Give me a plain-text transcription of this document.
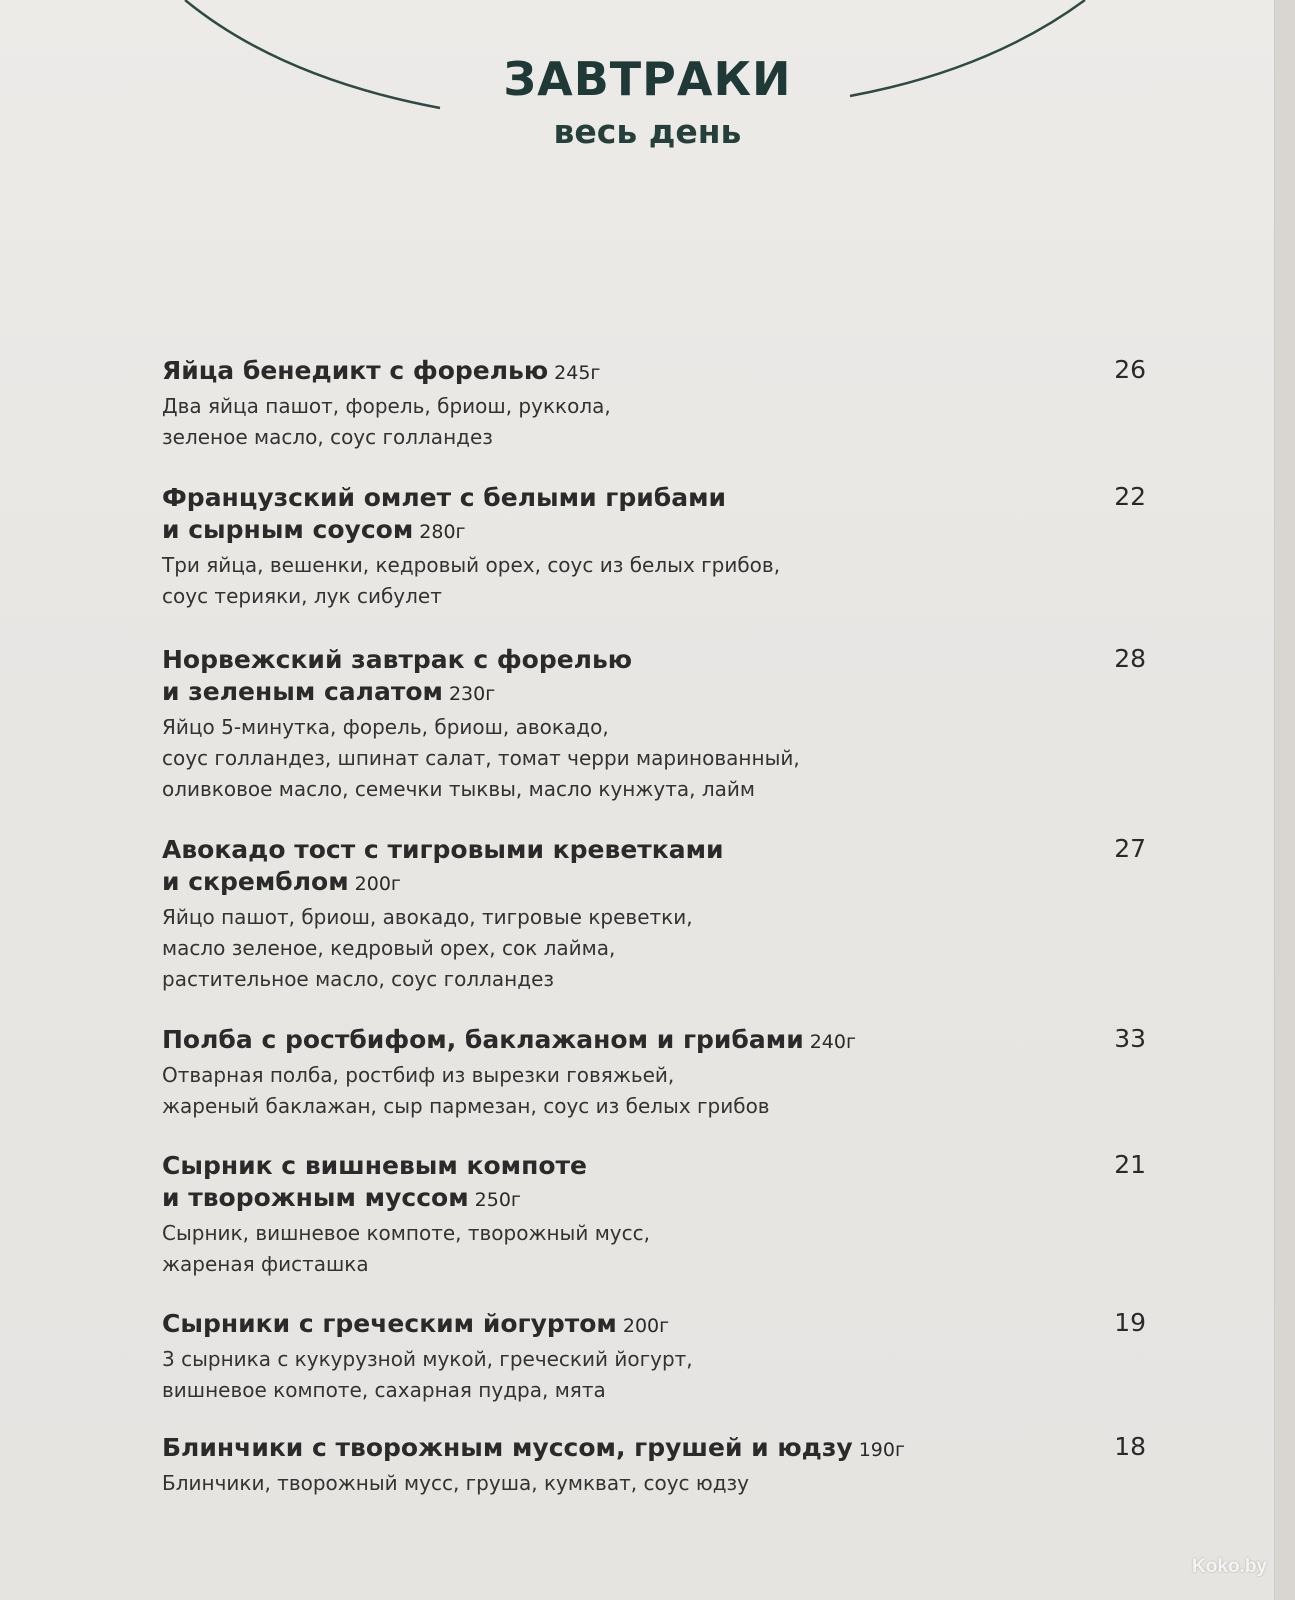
ЗАВТРАКИ
весь день
Яйца бенедикт с форелью 245г
Два яйца пашот, форель, бриош, руккола,
зеленое масло, соус голландез
26
Французский омлет с белыми грибами
и сырным соусом 280г
Три яйца, вешенки, кедровый орех, соус из белых грибов,
соус терияки, лук сибулет
22
Норвежский завтрак с форелью
и зеленым салатом 230г
Яйцо 5-минутка, форель, бриош, авокадо,
соус голландез, шпинат салат, томат черри маринованный,
оливковое масло, семечки тыквы, масло кунжута, лайм
28
Авокадо тост с тигровыми креветками
и скремблом 200г
Яйцо пашот, бриош, авокадо, тигровые креветки,
масло зеленое, кедровый орех, сок лайма,
растительное масло, соус голландез
27
Полба с ростбифом, баклажаном и грибами 240г
Отварная полба, ростбиф из вырезки говяжьей,
жареный баклажан, сыр пармезан, соус из белых грибов
33
Сырник с вишневым компоте
и творожным муссом 250г
Сырник, вишневое компоте, творожный мусс,
жареная фисташка
21
Сырники с греческим йогуртом 200г
3 сырника с кукурузной мукой, греческий йогурт,
вишневое компоте, сахарная пудра, мята
19
Блинчики с творожным муссом, грушей и юдзу 190г
Блинчики, творожный мусс, груша, кумкват, соус юдзу
18
Koko.by
